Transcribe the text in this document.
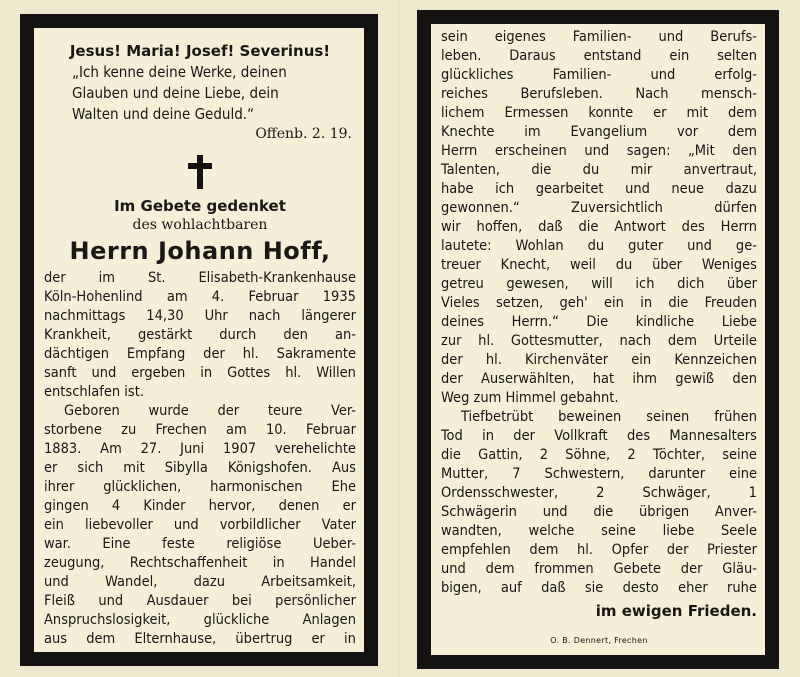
Jesus! Maria! Josef! Severinus!

„Ich kenne deine Werke, deinen
Glauben und deine Liebe, dein
Walten und deine Geduld.“

Offenb. 2. 19.

Im Gebete gedenket

des wohlachtbaren

Herrn Johann Hoff,

der im St. Elisabeth-Krankenhause
Köln-Hohenlind am 4. Februar 1935
nachmittags 14,30 Uhr nach längerer
Krankheit, gestärkt durch den an-
dächtigen Empfang der hl. Sakramente
sanft und ergeben in Gottes hl. Willen
entschlafen ist.
Geboren wurde der teure Ver-
storbene zu Frechen am 10. Februar
1883. Am 27. Juni 1907 verehelichte
er sich mit Sibylla Königshofen. Aus
ihrer glücklichen, harmonischen Ehe
gingen 4 Kinder hervor, denen er
ein liebevoller und vorbildlicher Vater
war. Eine feste religiöse Ueber-
zeugung, Rechtschaffenheit in Handel
und Wandel, dazu Arbeitsamkeit,
Fleiß und Ausdauer bei persönlicher
Anspruchslosigkeit, glückliche Anlagen
aus dem Elternhause, übertrug er in
sein eigenes Familien- und Berufs-
leben. Daraus entstand ein selten
glückliches	Familien-	und	erfolg-
reiches Berufsleben. Nach mensch-
lichem Ermessen konnte er mit dem
Knechte im Evangelium vor dem
Herrn erscheinen und sagen: „Mit den
Talenten, die du mir anvertraut,
habe ich gearbeitet und neue dazu
gewonnen.“	Zuversichtlich	dürfen
wir hoffen, daß die Antwort des Herrn
lautete: Wohlan du guter und ge-
treuer Knecht, weil du über Weniges
getreu gewesen, will ich dich über
Vieles setzen, geh' ein in die Freuden
deines Herrn.“ Die kindliche Liebe
zur hl. Gottesmutter, nach dem Urteile
der hl. Kirchenväter ein Kennzeichen
der Auserwählten, hat ihm gewiß den
Weg zum Himmel gebahnt.
Tiefbetrübt beweinen seinen frühen
Tod in der Vollkraft des Mannesalters
die Gattin, 2 Söhne, 2 Töchter, seine
Mutter, 7 Schwestern, darunter eine
Ordensschwester,	2	Schwäger,	1
Schwägerin und die übrigen Anver-
wandten, welche seine liebe Seele
empfehlen dem hl. Opfer der Priester
und dem frommen Gebete der Gläu-
bigen, auf daß sie desto eher ruhe

im ewigen Frieden.

O. B. Dennert, Frechen
